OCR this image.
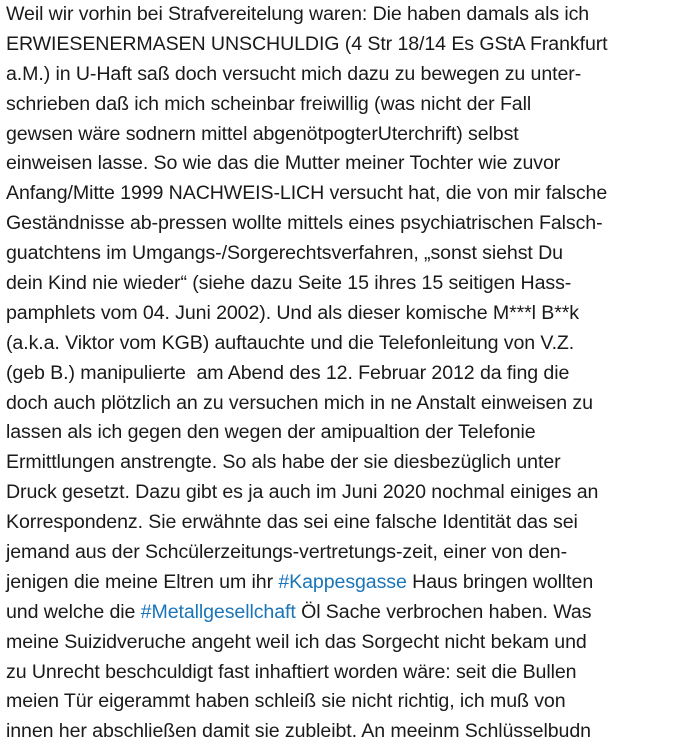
Weil wir vorhin bei Strafvereitelung waren: Die haben damals als ich
ERWIESENERMASEN UNSCHULDIG (4 Str 18/14 Es GStA Frankfurt
a.M.) in U-Haft saß doch versucht mich dazu zu bewegen zu unter-
schrieben daß ich mich scheinbar freiwillig (was nicht der Fall
gewsen wäre sodnern mittel abgenötpogterUterchrift) selbst
einweisen lasse. So wie das die Mutter meiner Tochter wie zuvor
Anfang/Mitte 1999 NACHWEIS-LICH versucht hat, die von mir falsche
Geständnisse ab-pressen wollte mittels eines psychiatrischen Falsch-
guatchtens im Umgangs-/Sorgerechtsverfahren, „sonst siehst Du
dein Kind nie wieder“ (siehe dazu Seite 15 ihres 15 seitigen Hass-
pamphlets vom 04. Juni 2002). Und als dieser komische M***l B**k
(a.k.a. Viktor vom KGB) auftauchte und die Telefonleitung von V.Z.
(geb B.) manipulierte  am Abend des 12. Februar 2012 da fing die
doch auch plötzlich an zu versuchen mich in ne Anstalt einweisen zu
lassen als ich gegen den wegen der amipualtion der Telefonie
Ermittlungen anstrengte. So als habe der sie diesbezüglich unter
Druck gesetzt. Dazu gibt es ja auch im Juni 2020 nochmal einiges an
Korrespondenz. Sie erwähnte das sei eine falsche Identität das sei
jemand aus der Schcülerzeitungs-vertretungs-zeit, einer von den-
jenigen die meine Eltren um ihr #Kappesgasse Haus bringen wollten
und welche die #Metallgesellchaft Öl Sache verbrochen haben. Was
meine Suizidveruche angeht weil ich das Sorgecht nicht bekam und
zu Unrecht beschculdigt fast inhaftiert worden wäre: seit die Bullen
meien Tür eigerammt haben schleiß sie nicht richtig, ich muß von
innen her abschließen damit sie zubleibt. An meeinm Schlüsselbudn
